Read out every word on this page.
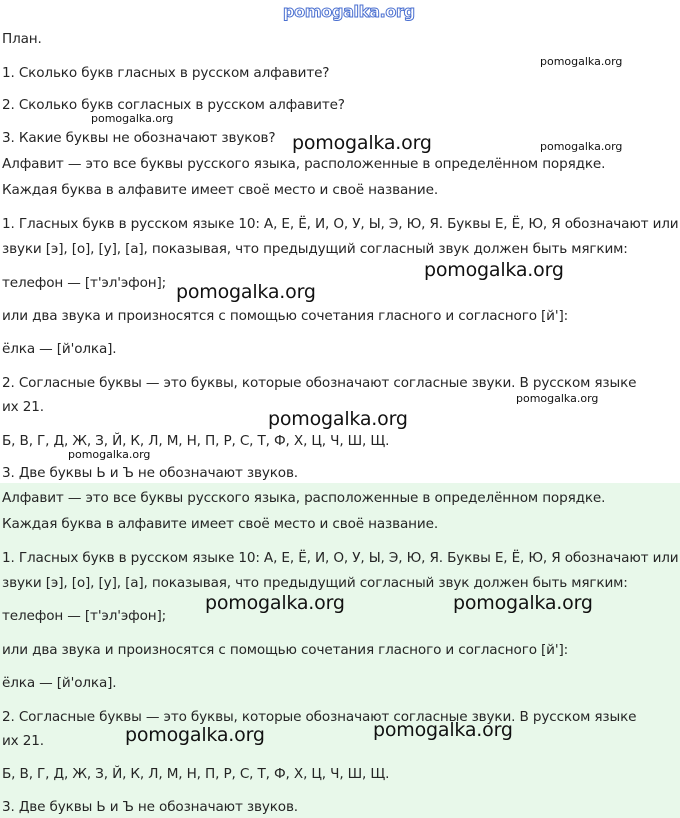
pomogalka.org
План.
1. Сколько букв гласных в русском алфавите?
2. Сколько букв согласных в русском алфавите?
3. Какие буквы не обозначают звуков?
Алфавит — это все буквы русского языка, расположенные в определённом порядке.
Каждая буква в алфавите имеет своё место и своё название.
1. Гласных букв в русском языке 10: А, Е, Ё, И, О, У, Ы, Э, Ю, Я. Буквы Е, Ё, Ю, Я обозначают или
звуки [э], [о], [у], [а], показывая, что предыдущий согласный звук должен быть мягким:
телефон — [т'эл'эфон];
или два звука и произносятся с помощью сочетания гласного и согласного [й']:
ёлка — [й'олка].
2. Согласные буквы — это буквы, которые обозначают согласные звуки. В русском языке
их 21.
Б, В, Г, Д, Ж, З, Й, К, Л, М, Н, П, Р, С, Т, Ф, Х, Ц, Ч, Ш, Щ.
3. Две буквы Ь и Ъ не обозначают звуков.
Алфавит — это все буквы русского языка, расположенные в определённом порядке.
Каждая буква в алфавите имеет своё место и своё название.
1. Гласных букв в русском языке 10: А, Е, Ё, И, О, У, Ы, Э, Ю, Я. Буквы Е, Ё, Ю, Я обозначают или
звуки [э], [о], [у], [а], показывая, что предыдущий согласный звук должен быть мягким:
телефон — [т'эл'эфон];
или два звука и произносятся с помощью сочетания гласного и согласного [й']:
ёлка — [й'олка].
2. Согласные буквы — это буквы, которые обозначают согласные звуки. В русском языке
их 21.
Б, В, Г, Д, Ж, З, Й, К, Л, М, Н, П, Р, С, Т, Ф, Х, Ц, Ч, Ш, Щ.
3. Две буквы Ь и Ъ не обозначают звуков.
pomogalka.org
pomogalka.org
pomogalka.org
pomogalka.org
pomogalka.org
pomogalka.org
pomogalka.org
pomogalka.org
pomogalka.org
pomogalka.org	pomogalka.org
pomogalka.org
pomogalka.org
